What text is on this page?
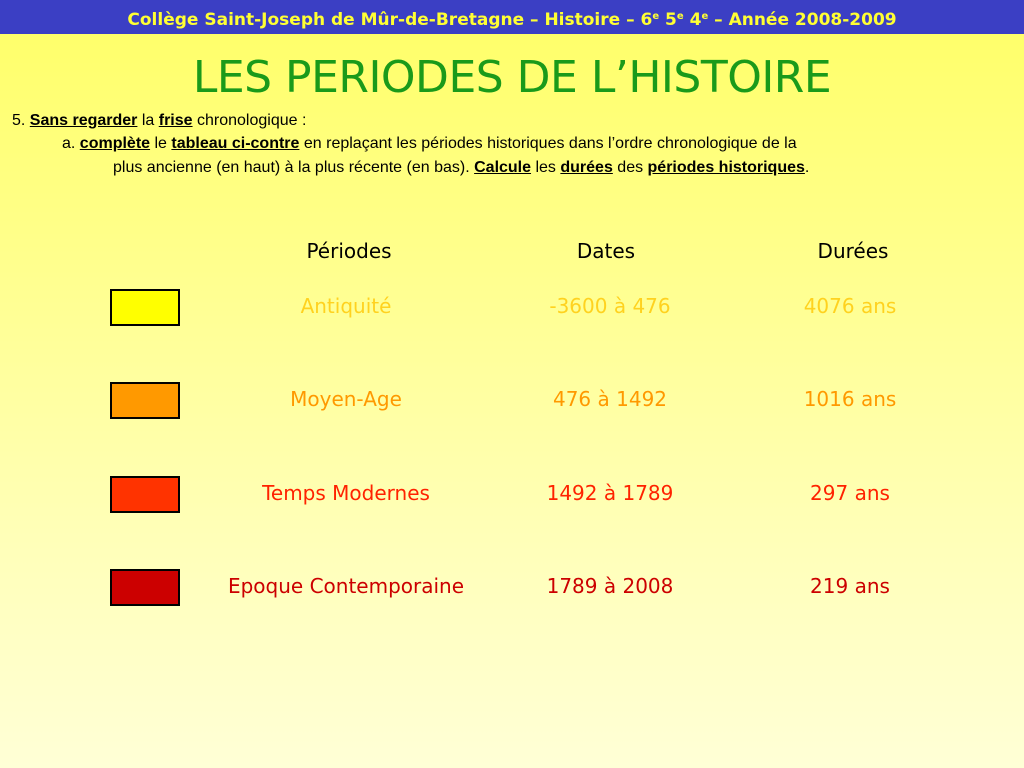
Collège Saint-Joseph de Mûr-de-Bretagne – Histoire – 6e 5e 4e – Année 2008-2009
LES PERIODES DE L’HISTOIRE
5. Sans regarder la frise chronologique :
a. complète le tableau ci-contre en replaçant les périodes historiques dans l’ordre chronologique de la
plus ancienne (en haut) à la plus récente (en bas). Calcule les durées des périodes historiques.
Périodes	Dates	Durées
Antiquité	-3600 à 476	4076 ans
Moyen-Age	476 à 1492	1016 ans
Temps Modernes	1492 à 1789	297 ans
Epoque Contemporaine	1789 à 2008	219 ans
